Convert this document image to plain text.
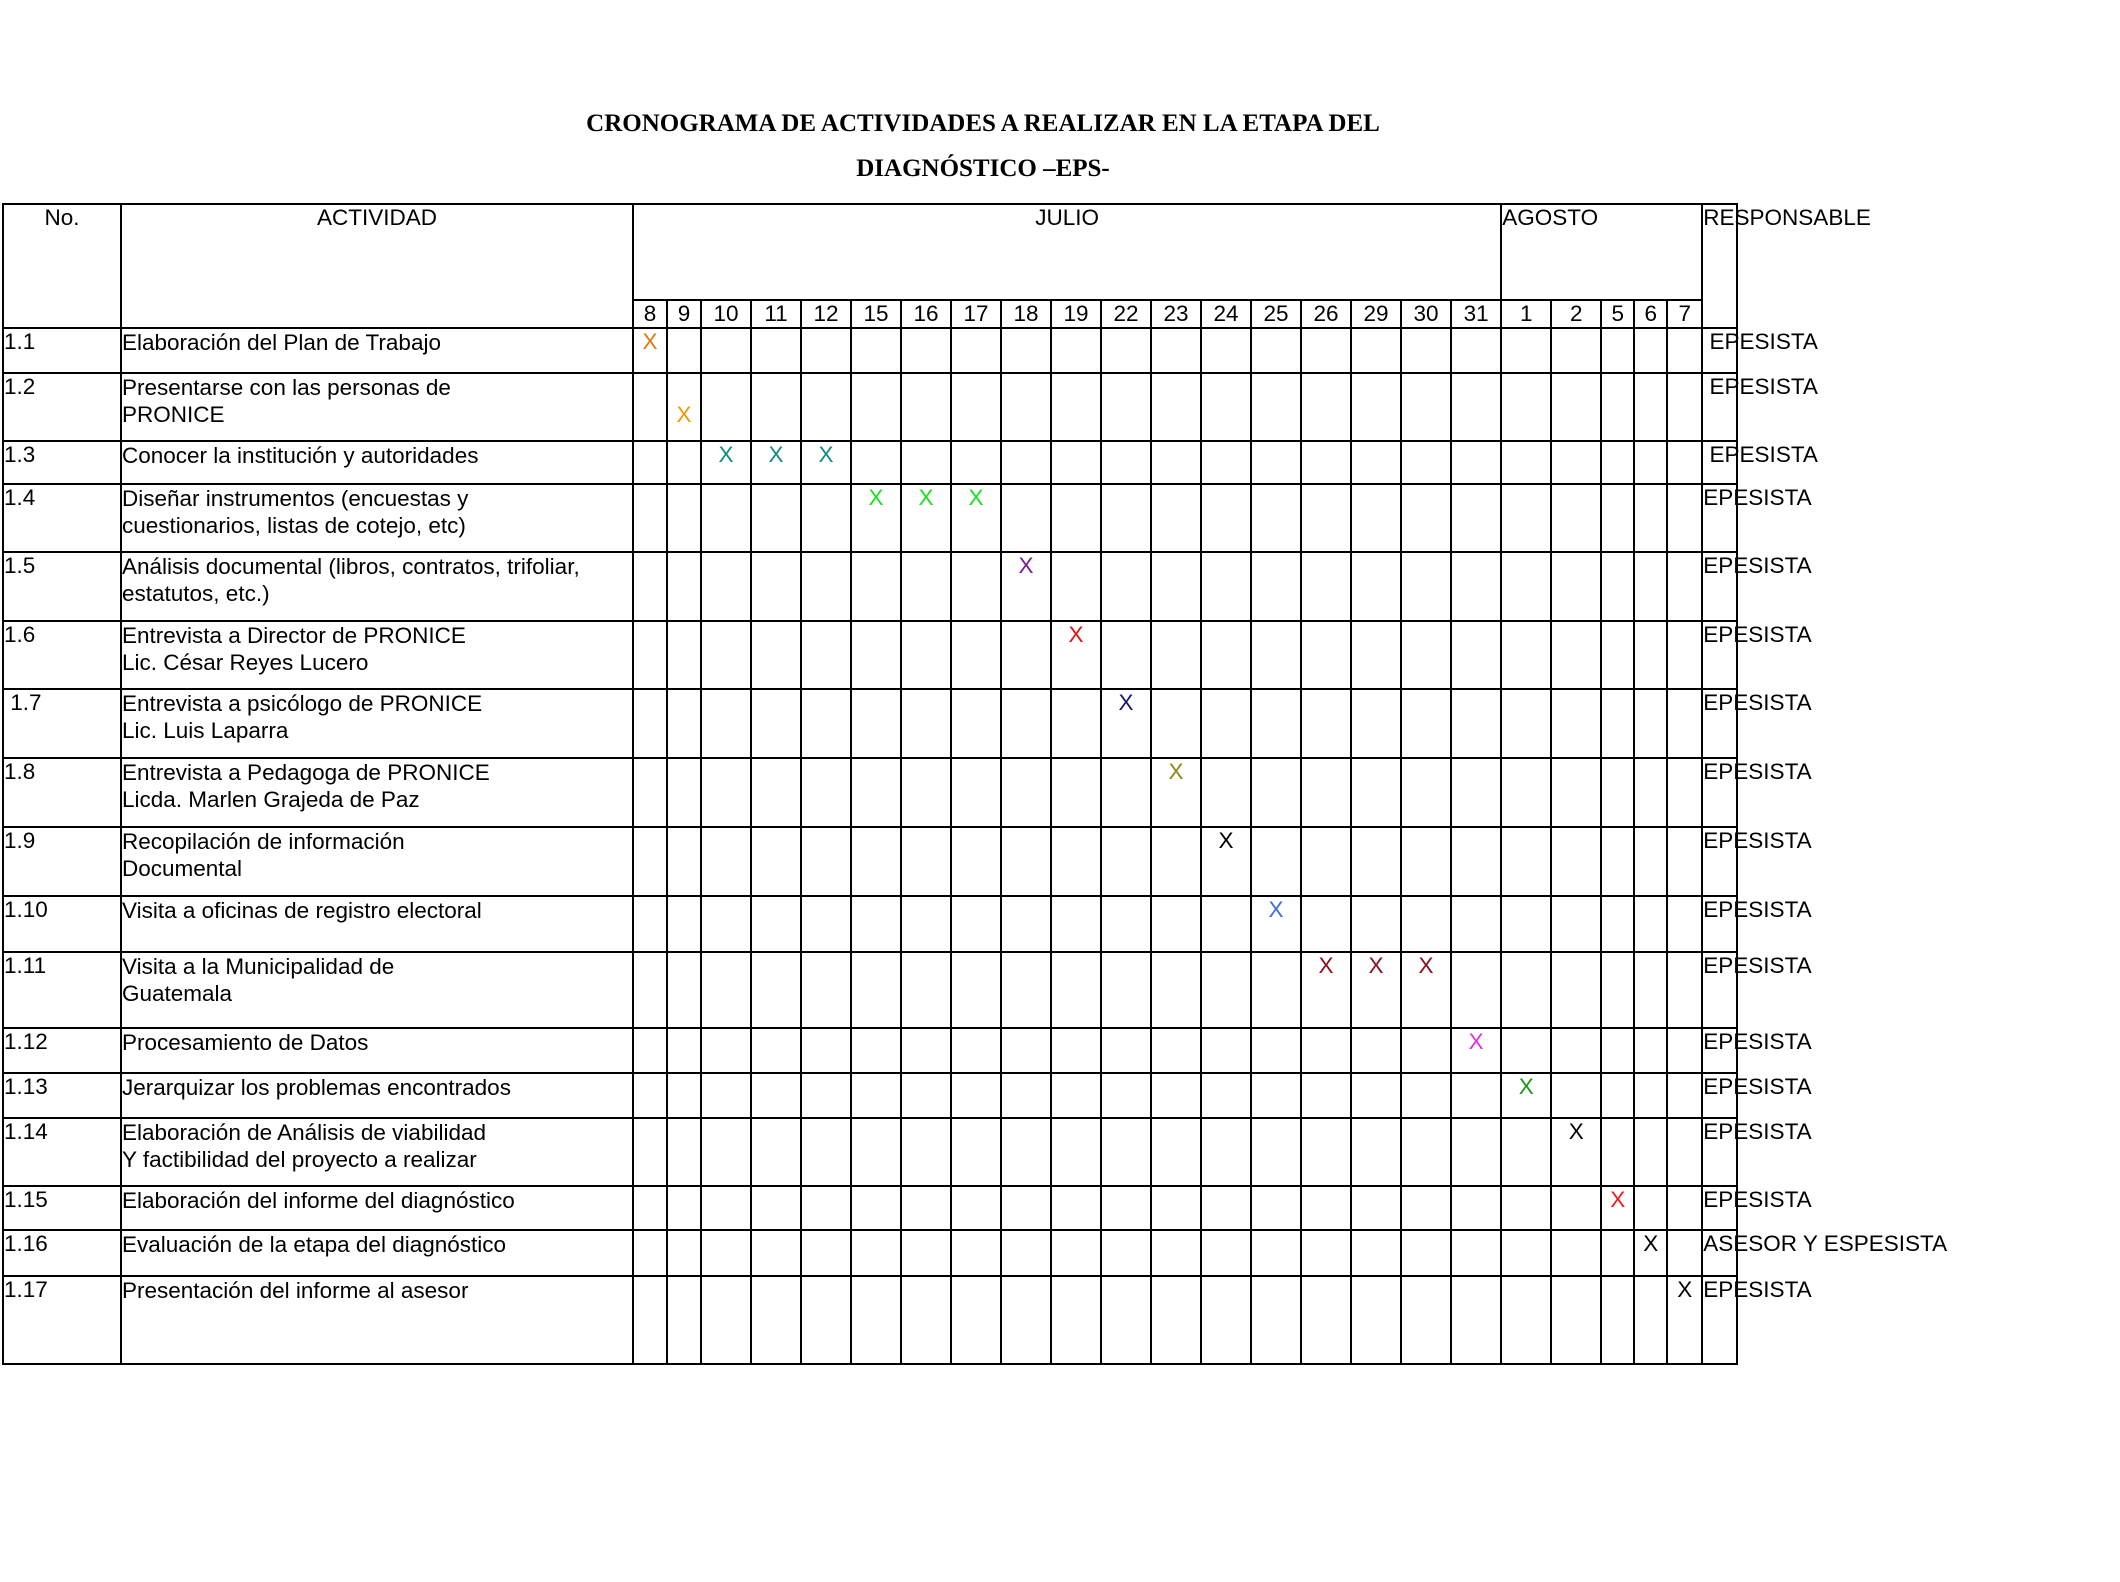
CRONOGRAMA DE ACTIVIDADES A REALIZAR EN LA ETAPA DEL
DIAGNÓSTICO –EPS-
No.	ACTIVIDAD	JULIO																		AGOSTO					RESPONSABLE
		8	9	10	11	12	15	16	17	18	19	22	23	24	25	26	29	30	31	1	2	5	6	7	
1.1	Elaboración del Plan de Trabajo	X																							EPESISTA
1.2	Presentarse con las personas de
PRONICE		X																						EPESISTA
1.3	Conocer la institución y autoridades			X	X	X																			EPESISTA
1.4	Diseñar instrumentos (encuestas y
cuestionarios, listas de cotejo, etc)						X	X	X																EPESISTA
1.5	Análisis documental (libros, contratos, trifoliar,
estatutos, etc.)									X															EPESISTA
1.6	Entrevista a Director de PRONICE
Lic. César Reyes Lucero										X														EPESISTA
1.7	Entrevista a psicólogo de PRONICE
Lic. Luis Laparra											X													EPESISTA
1.8	Entrevista a Pedagoga de PRONICE
Licda. Marlen Grajeda de Paz												X												EPESISTA
1.9	Recopilación de información
Documental													X											EPESISTA
1.10	Visita a oficinas de registro electoral														X										EPESISTA
1.11	Visita a la Municipalidad de
Guatemala															X	X	X							EPESISTA
1.12	Procesamiento de Datos																		X						EPESISTA
1.13	Jerarquizar los problemas encontrados																			X					EPESISTA
1.14	Elaboración de Análisis de viabilidad
Y factibilidad del proyecto a realizar																				X				EPESISTA
1.15	Elaboración del informe del diagnóstico																					X			EPESISTA
1.16	Evaluación de la etapa del diagnóstico																						X		ASESOR Y ESPESISTA
1.17	Presentación del informe al asesor																							X	EPESISTA
